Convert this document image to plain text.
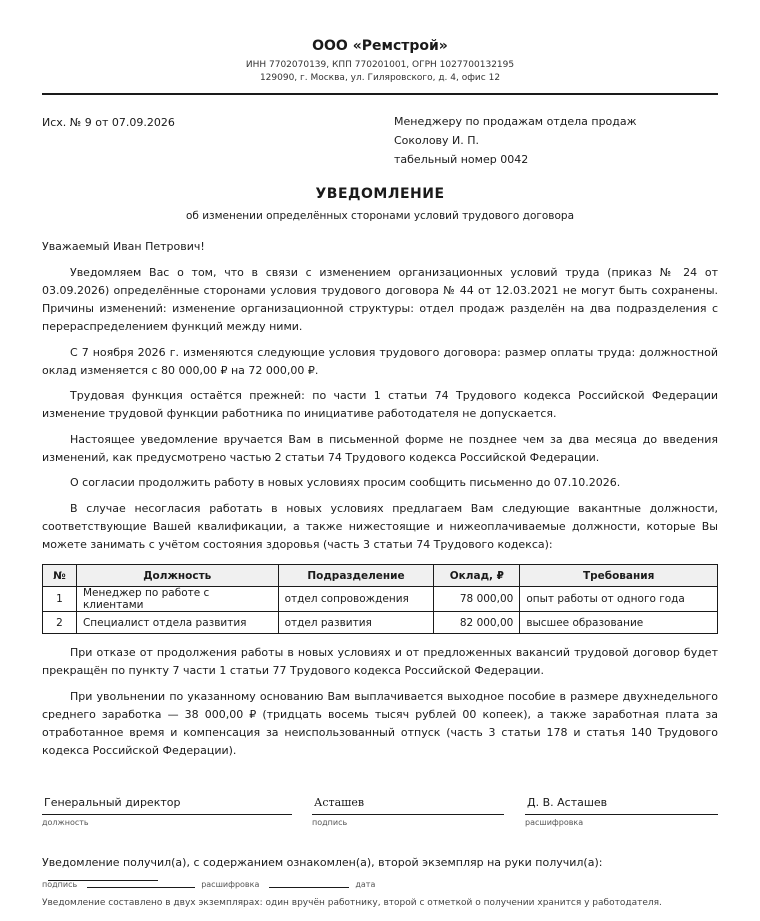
ООО «Ремстрой»
ИНН 7702070139, КПП 770201001, ОГРН 1027700132195
129090, г. Москва, ул. Гиляровского, д. 4, офис 12
Исх. № 9 от 07.09.2026	Менеджеру по продажам отдела продаж
Соколову И. П.
табельный номер 0042
УВЕДОМЛЕНИЕ
об изменении определённых сторонами условий трудового договора
Уважаемый Иван Петрович!

Уведомляем Вас о том, что в связи с изменением организационных условий труда (приказ № 24 от 03.09.2026) определённые сторонами условия трудового договора № 44 от 12.03.2021 не могут быть сохранены. Причины изменений: изменение организационной структуры: отдел продаж разделён на два подразделения с перераспределением функций между ними.

С 7 ноября 2026 г. изменяются следующие условия трудового договора: размер оплаты труда: должностной оклад изменяется с 80 000,00 ₽ на 72 000,00 ₽.

Трудовая функция остаётся прежней: по части 1 статьи 74 Трудового кодекса Российской Федерации изменение трудовой функции работника по инициативе работодателя не допускается.

Настоящее уведомление вручается Вам в письменной форме не позднее чем за два месяца до введения изменений, как предусмотрено частью 2 статьи 74 Трудового кодекса Российской Федерации.

О согласии продолжить работу в новых условиях просим сообщить письменно до 07.10.2026.

В случае несогласия работать в новых условиях предлагаем Вам следующие вакантные должности, соответствующие Вашей квалификации, а также нижестоящие и нижеоплачиваемые должности, которые Вы можете занимать с учётом состояния здоровья (часть 3 статьи 74 Трудового кодекса):

№	Должность	Подразделение	Оклад, ₽	Требования
1	Менеджер по работе с клиентами	отдел сопровождения	78 000,00	опыт работы от одного года
2	Специалист отдела развития	отдел развития	82 000,00	высшее образование

При отказе от продолжения работы в новых условиях и от предложенных вакансий трудовой договор будет прекращён по пункту 7 части 1 статьи 77 Трудового кодекса Российской Федерации.

При увольнении по указанному основанию Вам выплачивается выходное пособие в размере двухнедельного среднего заработка — 38 000,00 ₽ (тридцать восемь тысяч рублей 00 копеек), а также заработная плата за отработанное время и компенсация за неиспользованный отпуск (часть 3 статьи 178 и статья 140 Трудового кодекса Российской Федерации).

Генеральный директор
должность
Асташев
подпись
Д. В. Асташев
расшифровка
Уведомление получил(а), с содержанием ознакомлен(а), второй экземпляр на руки получил(а):
подпись	расшифровка	дата
Уведомление составлено в двух экземплярах: один вручён работнику, второй с отметкой о получении хранится у работодателя.
